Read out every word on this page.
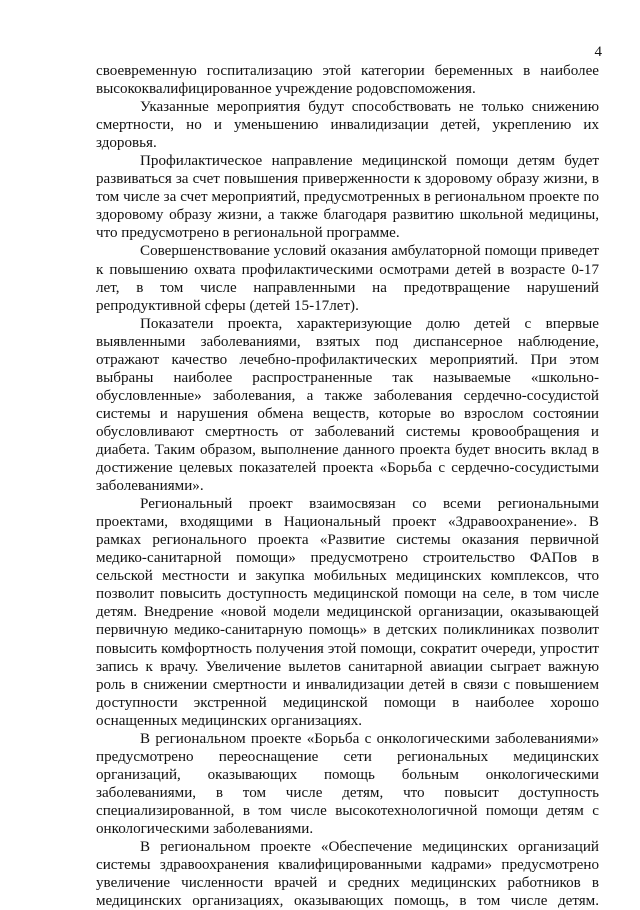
4

своевременную госпитализацию этой категории беременных в наиболее высококвалифицированное учреждение родовспоможения.

Указанные мероприятия будут способствовать не только снижению смертности, но и уменьшению инвалидизации детей, укреплению их здоровья.

Профилактическое направление медицинской помощи детям будет развиваться за счет повышения приверженности к здоровому образу жизни, в том числе за счет мероприятий, предусмотренных в региональном проекте по здоровому образу жизни, а также благодаря развитию школьной медицины, что предусмотрено в региональной программе.

Совершенствование условий оказания амбулаторной помощи приведет к повышению охвата профилактическими осмотрами детей в возрасте 0-17 лет, в том числе направленными на предотвращение нарушений репродуктивной сферы (детей 15-17лет).

Показатели проекта, характеризующие долю детей с впервые выявленными заболеваниями, взятых под диспансерное наблюдение, отражают качество лечебно-профилактических мероприятий. При этом выбраны наиболее распространенные так называемые «школьно-обусловленные» заболевания, а также заболевания сердечно-сосудистой системы и нарушения обмена веществ, которые во взрослом состоянии обусловливают смертность от заболеваний системы кровообращения и диабета. Таким образом, выполнение данного проекта будет вносить вклад в достижение целевых показателей проекта «Борьба с сердечно-сосудистыми заболеваниями».

Региональный проект взаимосвязан со всеми региональными проектами, входящими в Национальный проект «Здравоохранение». В рамках регионального проекта «Развитие системы оказания первичной медико-санитарной помощи» предусмотрено строительство ФАПов в сельской местности и закупка мобильных медицинских комплексов, что позволит повысить доступность медицинской помощи на селе, в том числе детям. Внедрение «новой модели медицинской организации, оказывающей первичную медико-санитарную помощь» в детских поликлиниках позволит повысить комфортность получения этой помощи, сократит очереди, упростит запись к врачу. Увеличение вылетов санитарной авиации сыграет важную роль в снижении смертности и инвалидизации детей в связи с повышением доступности экстренной медицинской помощи в наиболее хорошо оснащенных медицинских организациях.

В региональном проекте «Борьба с онкологическими заболеваниями» предусмотрено переоснащение сети региональных медицинских организаций, оказывающих помощь больным онкологическими заболеваниями, в том числе детям, что повысит доступность специализированной, в том числе высокотехнологичной помощи детям с онкологическими заболеваниями.

В региональном проекте «Обеспечение медицинских организаций системы здравоохранения квалифицированными кадрами» предусмотрено увеличение численности врачей и средних медицинских работников в медицинских организациях, оказывающих помощь, в том числе детям.
